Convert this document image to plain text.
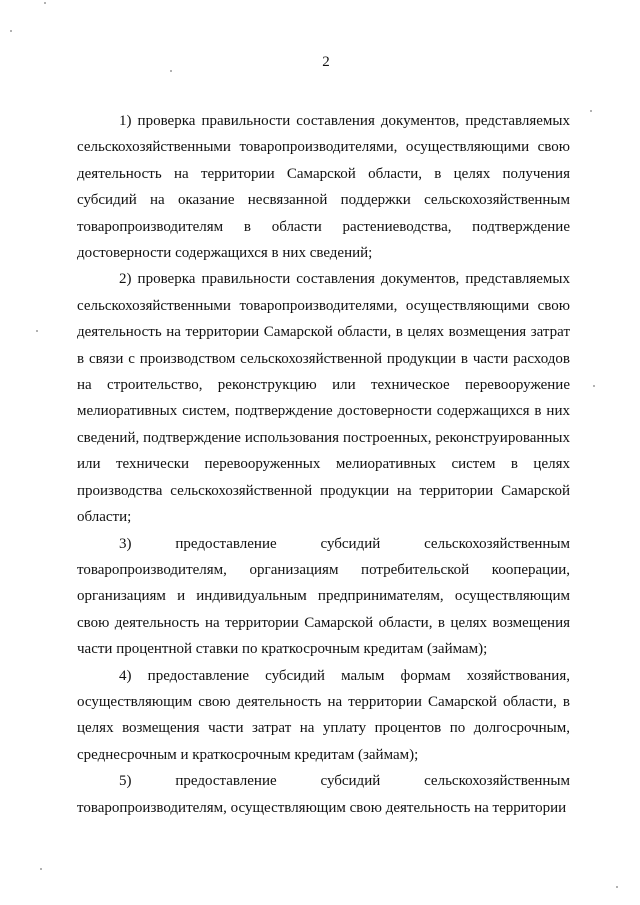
2

1) проверка правильности составления документов, представляемых сельскохозяйственными товаропроизводителями, осуществляющими свою деятельность на территории Самарской области, в целях получения субсидий на оказание несвязанной поддержки сельскохозяйственным товаропроизводителям в области растениеводства, подтверждение достоверности содержащихся в них сведений;

2) проверка правильности составления документов, представляемых сельскохозяйственными товаропроизводителями, осуществляющими свою деятельность на территории Самарской области, в целях возмещения затрат в связи с производством сельскохозяйственной продукции в части расходов на строительство, реконструкцию или техническое перевооружение мелиоративных систем, подтверждение достоверности содержащихся в них сведений, подтверждение использования построенных, реконструированных или технически перевооруженных мелиоративных систем в целях производства сельскохозяйственной продукции на территории Самарской области;

3) предоставление субсидий сельскохозяйственным товаропроизводителям, организациям потребительской кооперации, организациям и индивидуальным предпринимателям, осуществляющим свою деятельность на территории Самарской области, в целях возмещения части процентной ставки по краткосрочным кредитам (займам);

4) предоставление субсидий малым формам хозяйствования, осуществляющим свою деятельность на территории Самарской области, в целях возмещения части затрат на уплату процентов по долгосрочным, среднесрочным и краткосрочным кредитам (займам);

5) предоставление субсидий сельскохозяйственным товаропроизводителям, осуществляющим свою деятельность на территории
